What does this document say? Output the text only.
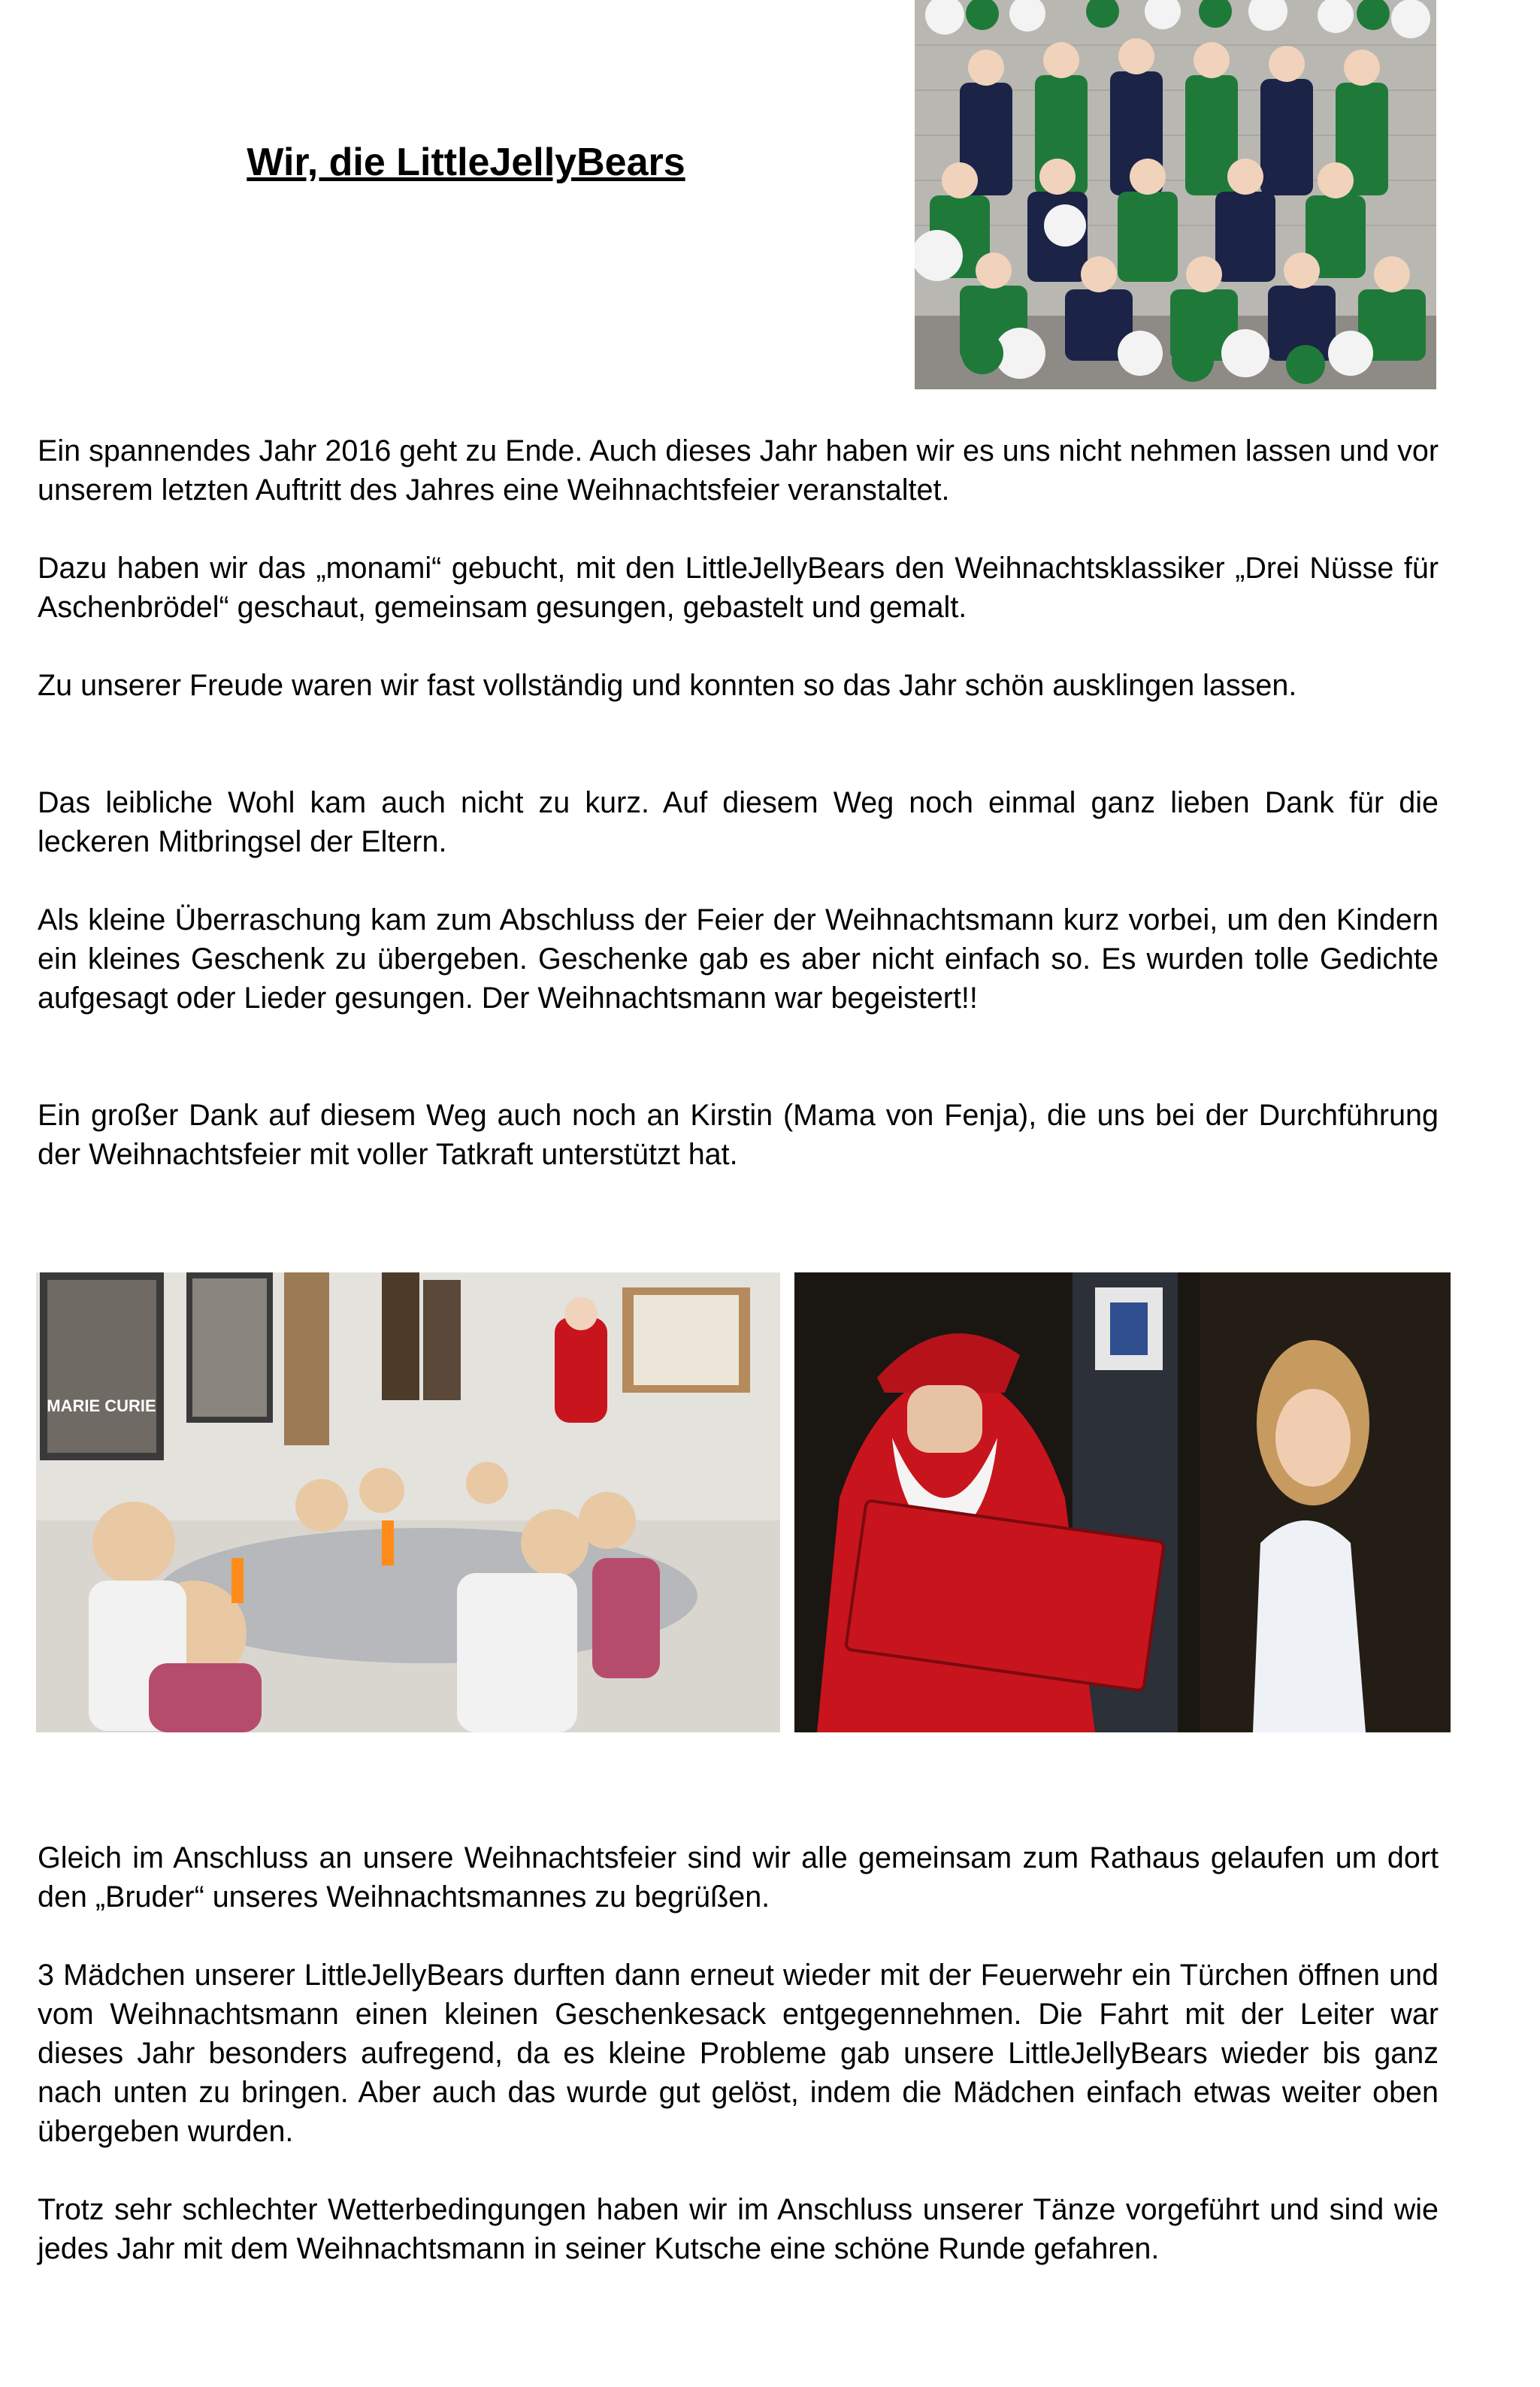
Wir, die LittleJellyBears

Ein spannendes Jahr 2016 geht zu Ende. Auch dieses Jahr haben wir es uns nicht nehmen lassen und vor unserem letzten Auftritt des Jahres eine Weihnachtsfeier veranstaltet.

Dazu haben wir das „monami“ gebucht, mit den LittleJellyBears den Weihnachtsklassiker „Drei Nüsse für Aschenbrödel“ geschaut, gemeinsam gesungen, gebastelt und gemalt.

Zu unserer Freude waren wir fast vollständig und konnten so das Jahr schön ausklingen lassen.

Das leibliche Wohl kam auch nicht zu kurz. Auf diesem Weg noch einmal ganz lieben Dank für die leckeren Mitbringsel der Eltern.

Als kleine Überraschung kam zum Abschluss der Feier der Weihnachtsmann kurz vorbei, um den Kindern ein kleines Geschenk zu übergeben. Geschenke gab es aber nicht einfach so. Es wurden tolle Gedichte aufgesagt oder Lieder gesungen. Der Weihnachtsmann war begeistert!!

Ein großer Dank auf diesem Weg auch noch an Kirstin (Mama von Fenja), die uns bei der Durchführung der Weihnachtsfeier mit voller Tatkraft unterstützt hat.

MARIE CURIE

Gleich im Anschluss an unsere Weihnachtsfeier sind wir alle gemeinsam zum Rathaus gelaufen um dort den „Bruder“ unseres Weihnachtsmannes zu begrüßen.

3 Mädchen unserer LittleJellyBears durften dann erneut wieder mit der Feuerwehr ein Türchen öffnen und vom Weihnachtsmann einen kleinen Geschenkesack entgegennehmen. Die Fahrt mit der Leiter war dieses Jahr besonders aufregend, da es kleine Probleme gab unsere LittleJellyBears wieder bis ganz nach unten zu bringen. Aber auch das wurde gut gelöst, indem die Mädchen einfach etwas weiter oben übergeben wurden.

Trotz sehr schlechter Wetterbedingungen haben wir im Anschluss unserer Tänze vorgeführt und sind wie jedes Jahr mit dem Weihnachtsmann in seiner Kutsche eine schöne Runde gefahren.
